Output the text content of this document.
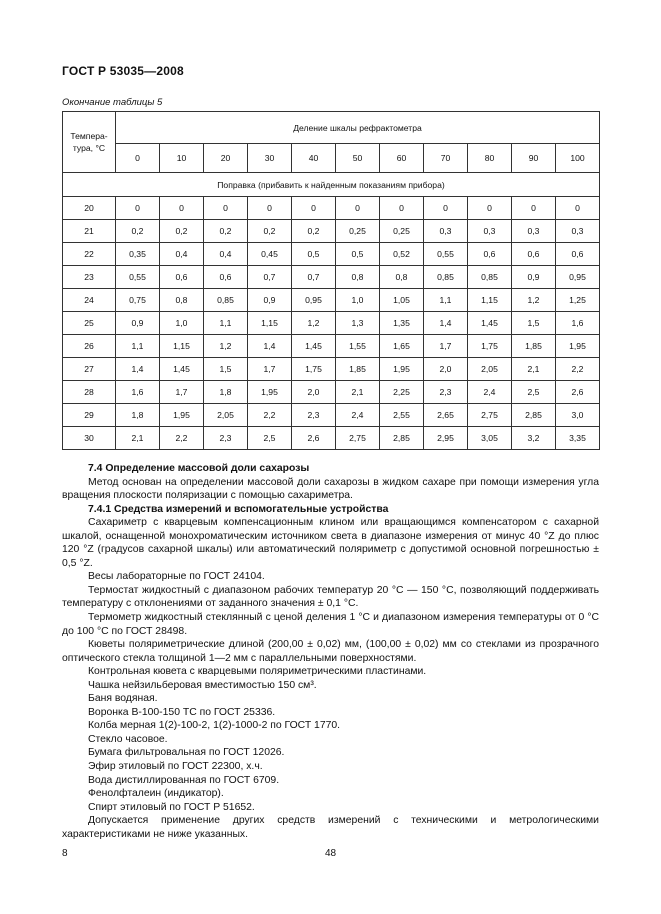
ГОСТ Р 53035—2008
Окончание таблицы 5
Темпера-тура, °С	Деление шкалы рефрактометра										
	0	10	20	30	40	50	60	70	80	90	100
Поправка (прибавить к найденным показаниям прибора)											
20	0	0	0	0	0	0	0	0	0	0	0
21	0,2	0,2	0,2	0,2	0,2	0,25	0,25	0,3	0,3	0,3	0,3
22	0,35	0,4	0,4	0,45	0,5	0,5	0,52	0,55	0,6	0,6	0,6
23	0,55	0,6	0,6	0,7	0,7	0,8	0,8	0,85	0,85	0,9	0,95
24	0,75	0,8	0,85	0,9	0,95	1,0	1,05	1,1	1,15	1,2	1,25
25	0,9	1,0	1,1	1,15	1,2	1,3	1,35	1,4	1,45	1,5	1,6
26	1,1	1,15	1,2	1,4	1,45	1,55	1,65	1,7	1,75	1,85	1,95
27	1,4	1,45	1,5	1,7	1,75	1,85	1,95	2,0	2,05	2,1	2,2
28	1,6	1,7	1,8	1,95	2,0	2,1	2,25	2,3	2,4	2,5	2,6
29	1,8	1,95	2,05	2,2	2,3	2,4	2,55	2,65	2,75	2,85	3,0
30	2,1	2,2	2,3	2,5	2,6	2,75	2,85	2,95	3,05	3,2	3,35

7.4 Определение массовой доли сахарозы

Метод основан на определении массовой доли сахарозы в жидком сахаре при помощи измерения угла вращения плоскости поляризации с помощью сахариметра.

7.4.1 Средства измерений и вспомогательные устройства

Сахариметр с кварцевым компенсационным клином или вращающимся компенсатором с сахарной шкалой, оснащенной монохроматическим источником света в диапазоне измерения от минус 40 °Z до плюс 120 °Z (градусов сахарной шкалы) или автоматический поляриметр с допустимой основной погрешностью ± 0,5 °Z.

Весы лабораторные по ГОСТ 24104.

Термостат жидкостный с диапазоном рабочих температур 20 °С — 150 °С, позволяющий поддерживать температуру с отклонениями от заданного значения ± 0,1 °С.

Термометр жидкостный стеклянный с ценой деления 1 °С и диапазоном измерения температуры от 0 °С до 100 °С по ГОСТ 28498.

Кюветы поляриметрические длиной (200,00 ± 0,02) мм, (100,00 ± 0,02) мм со стеклами из прозрачного оптического стекла толщиной 1—2 мм с параллельными поверхностями.

Контрольная кювета с кварцевыми поляриметрическими пластинами.

Чашка нейзильберовая вместимостью 150 см³.

Баня водяная.

Воронка В-100-150 ТС по ГОСТ 25336.

Колба мерная 1(2)-100-2, 1(2)-1000-2 по ГОСТ 1770.

Стекло часовое.

Бумага фильтровальная по ГОСТ 12026.

Эфир этиловый по ГОСТ 22300, х.ч.

Вода дистиллированная по ГОСТ 6709.

Фенолфталеин (индикатор).

Спирт этиловый по ГОСТ Р 51652.

Допускается применение других средств измерений с техническими и метрологическими характеристиками не ниже указанных.

8	48
